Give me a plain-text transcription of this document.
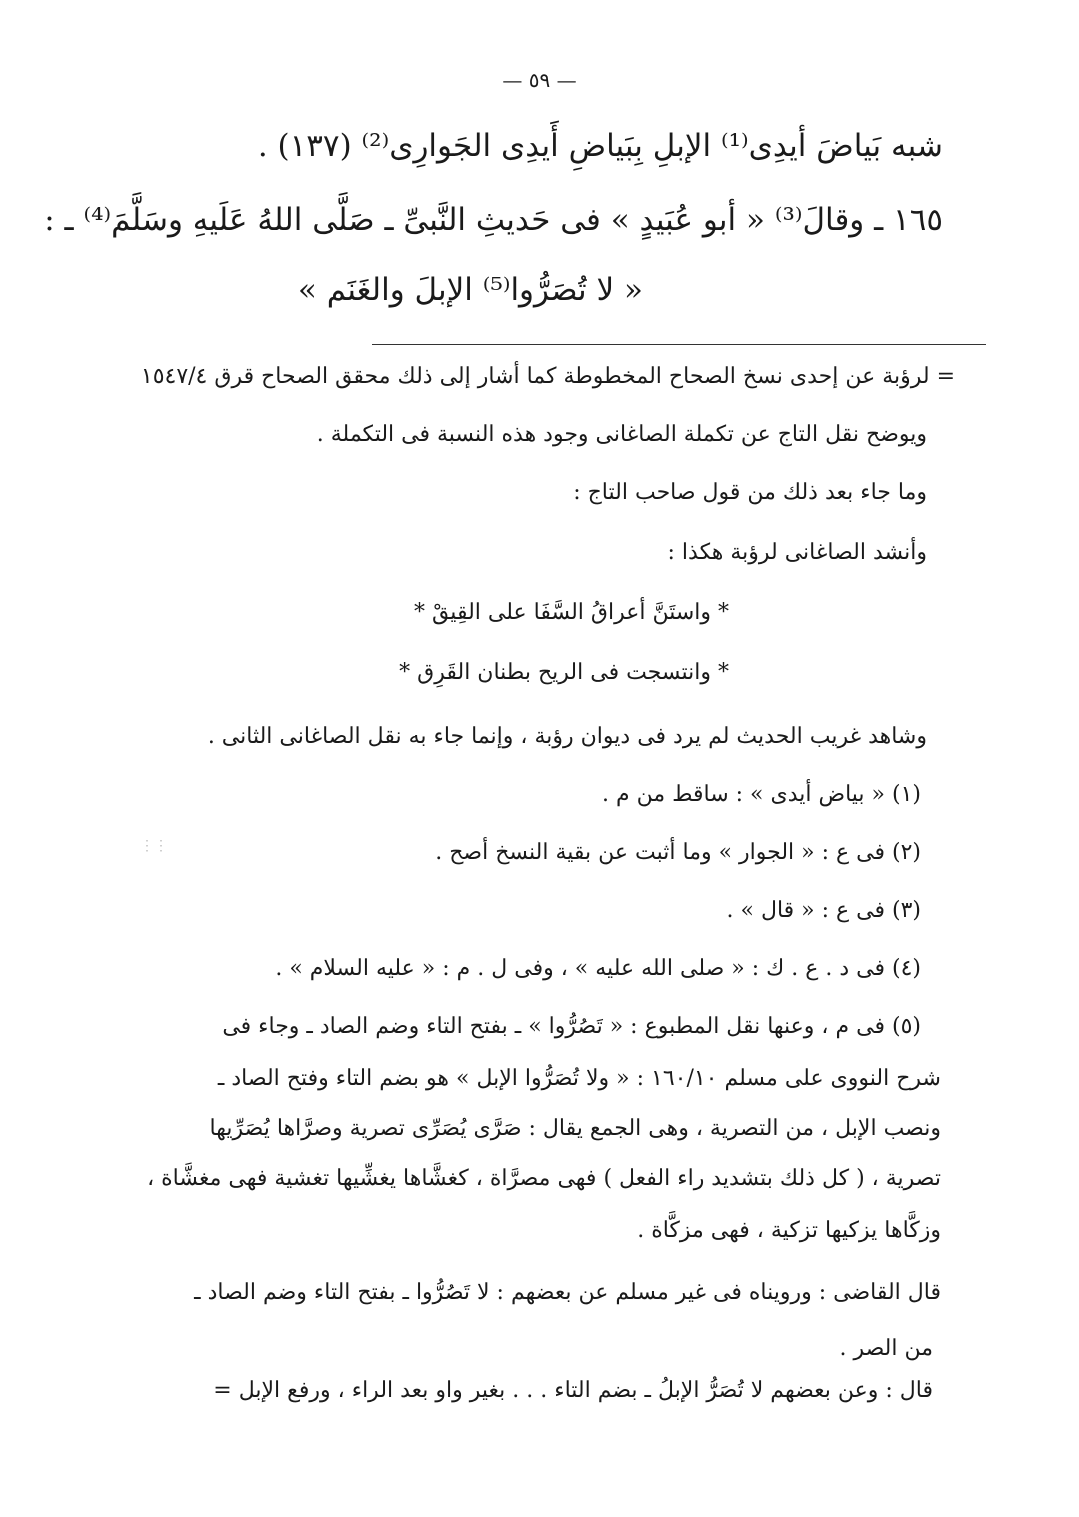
— ٥٩ —
شبه بَياضَ أيدِى⁽¹⁾ الإبلِ بِبَياضِ أَيدِى الجَوارِى⁽²⁾ (١٣٧) .
١٦٥ ـ وقالَ⁽³⁾ « أبو عُبَيدٍ » فى حَديثِ النَّبىِّ ـ صَلَّى اللهُ عَلَيهِ وسَلَّمَ⁽⁴⁾ ـ :
« لا تُصَرُّوا⁽⁵⁾ الإبلَ والغَنَم »
= لرؤبة عن إحدى نسخ الصحاح المخطوطة كما أشار إلى ذلك محقق الصحاح قرق ١٥٤٧/٤
ويوضح نقل التاج عن تكملة الصاغانى وجود هذه النسبة فى التكملة .
وما جاء بعد ذلك من قول صاحب التاج :
وأنشد الصاغانى لرؤبة هكذا :
* واستَنَّ أعراقُ السَّفَا على القِيقْ *
* وانتسجت فى الريح بطنان القَرِق *
وشاهد غريب الحديث لم يرد فى ديوان رؤبة ، وإنما جاء به نقل الصاغانى الثانى .
(١) « بياض أيدى » : ساقط من م .
(٢) فى ع : « الجوار » وما أثبت عن بقية النسخ أصح .
(٣) فى ع : « قال » .
(٤) فى د . ع . ك : « صلى الله عليه » ، وفى ل . م : « عليه السلام » .
(٥) فى م ، وعنها نقل المطبوع : « تَصُرُّوا » ـ بفتح التاء وضم الصاد ـ وجاء فى
شرح النووى على مسلم ١٦٠/١٠ : « ولا تُصَرُّوا الإبل » هو بضم التاء وفتح الصاد ـ
ونصب الإبل ، من التصرية ، وهى الجمع يقال : صَرَّى يُصَرِّى تصرية وصرَّاها يُصَرِّيها
تصرية ، ( كل ذلك بتشديد راء الفعل ) فهى مصرَّاة ، كغشَّاها يغشِّيها تغشية فهى مغشَّاة ،
وزكَّاها يزكيها تزكية ، فهى مزكَّاة .
قال القاضى : ورويناه فى غير مسلم عن بعضهم : لا تَصُرُّوا ـ بفتح التاء وضم الصاد ـ
من الصر .
قال : وعن بعضهم لا تُصَرُّ الإبلُ ـ بضم التاء . . . بغير واو بعد الراء ، ورفع الإبل =
⋮⋮
